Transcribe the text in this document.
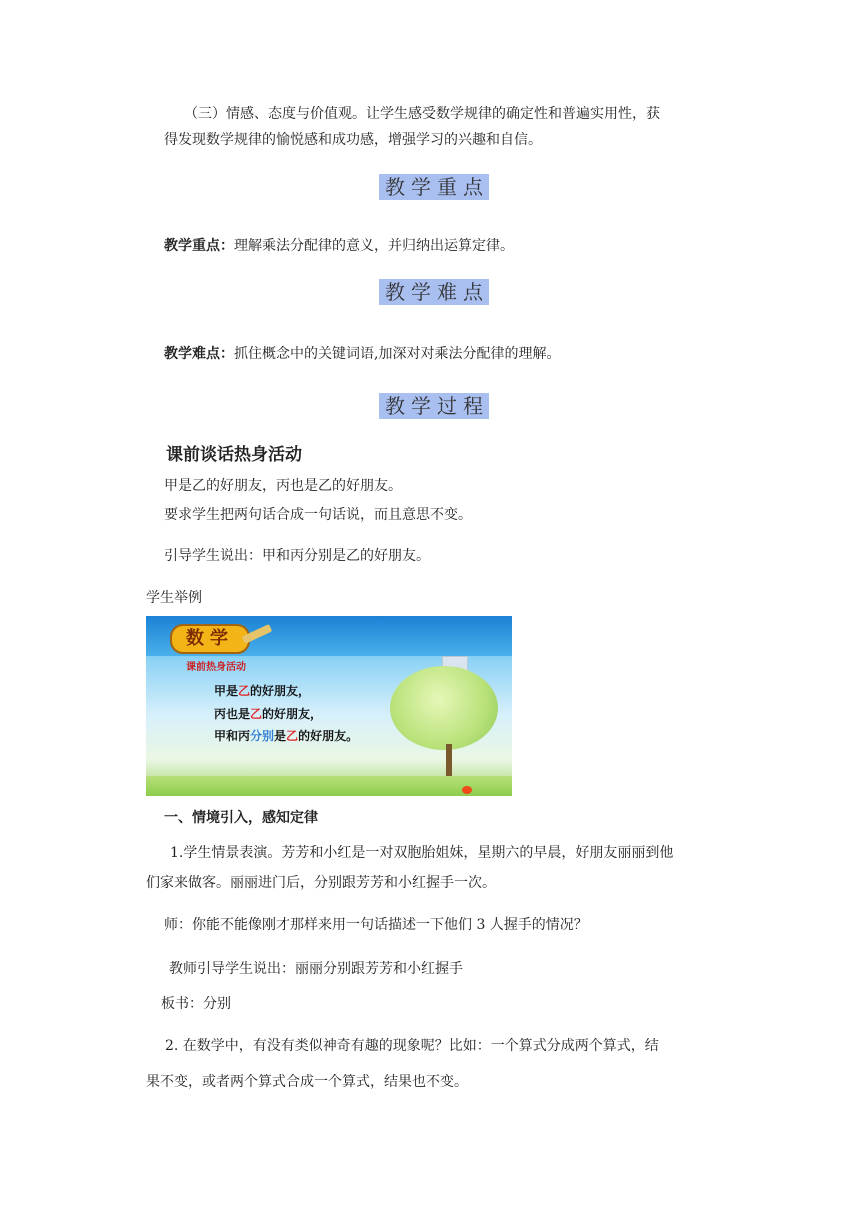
（三）情感、态度与价值观。让学生感受数学规律的确定性和普遍实用性，获
得发现数学规律的愉悦感和成功感，增强学习的兴趣和自信。
教学重点
教学重点：理解乘法分配律的意义，并归纳出运算定律。
教学难点
教学难点：抓住概念中的关键词语,加深对对乘法分配律的理解。
教学过程
课前谈话热身活动
甲是乙的好朋友，丙也是乙的好朋友。
要求学生把两句话合成一句话说，而且意思不变。
引导学生说出：甲和丙分别是乙的好朋友。
学生举例
数学
课前热身活动
甲是乙的好朋友，
丙也是乙的好朋友，
甲和丙分别是乙的好朋友。
一、情境引入，感知定律
1.学生情景表演。芳芳和小红是一对双胞胎姐妹，星期六的早晨，好朋友丽丽到他
们家来做客。丽丽进门后，分别跟芳芳和小红握手一次。
师：你能不能像刚才那样来用一句话描述一下他们 3 人握手的情况？
教师引导学生说出：丽丽分别跟芳芳和小红握手
板书：分别
2. 在数学中，有没有类似神奇有趣的现象呢？比如：一个算式分成两个算式，结
果不变，或者两个算式合成一个算式，结果也不变。
